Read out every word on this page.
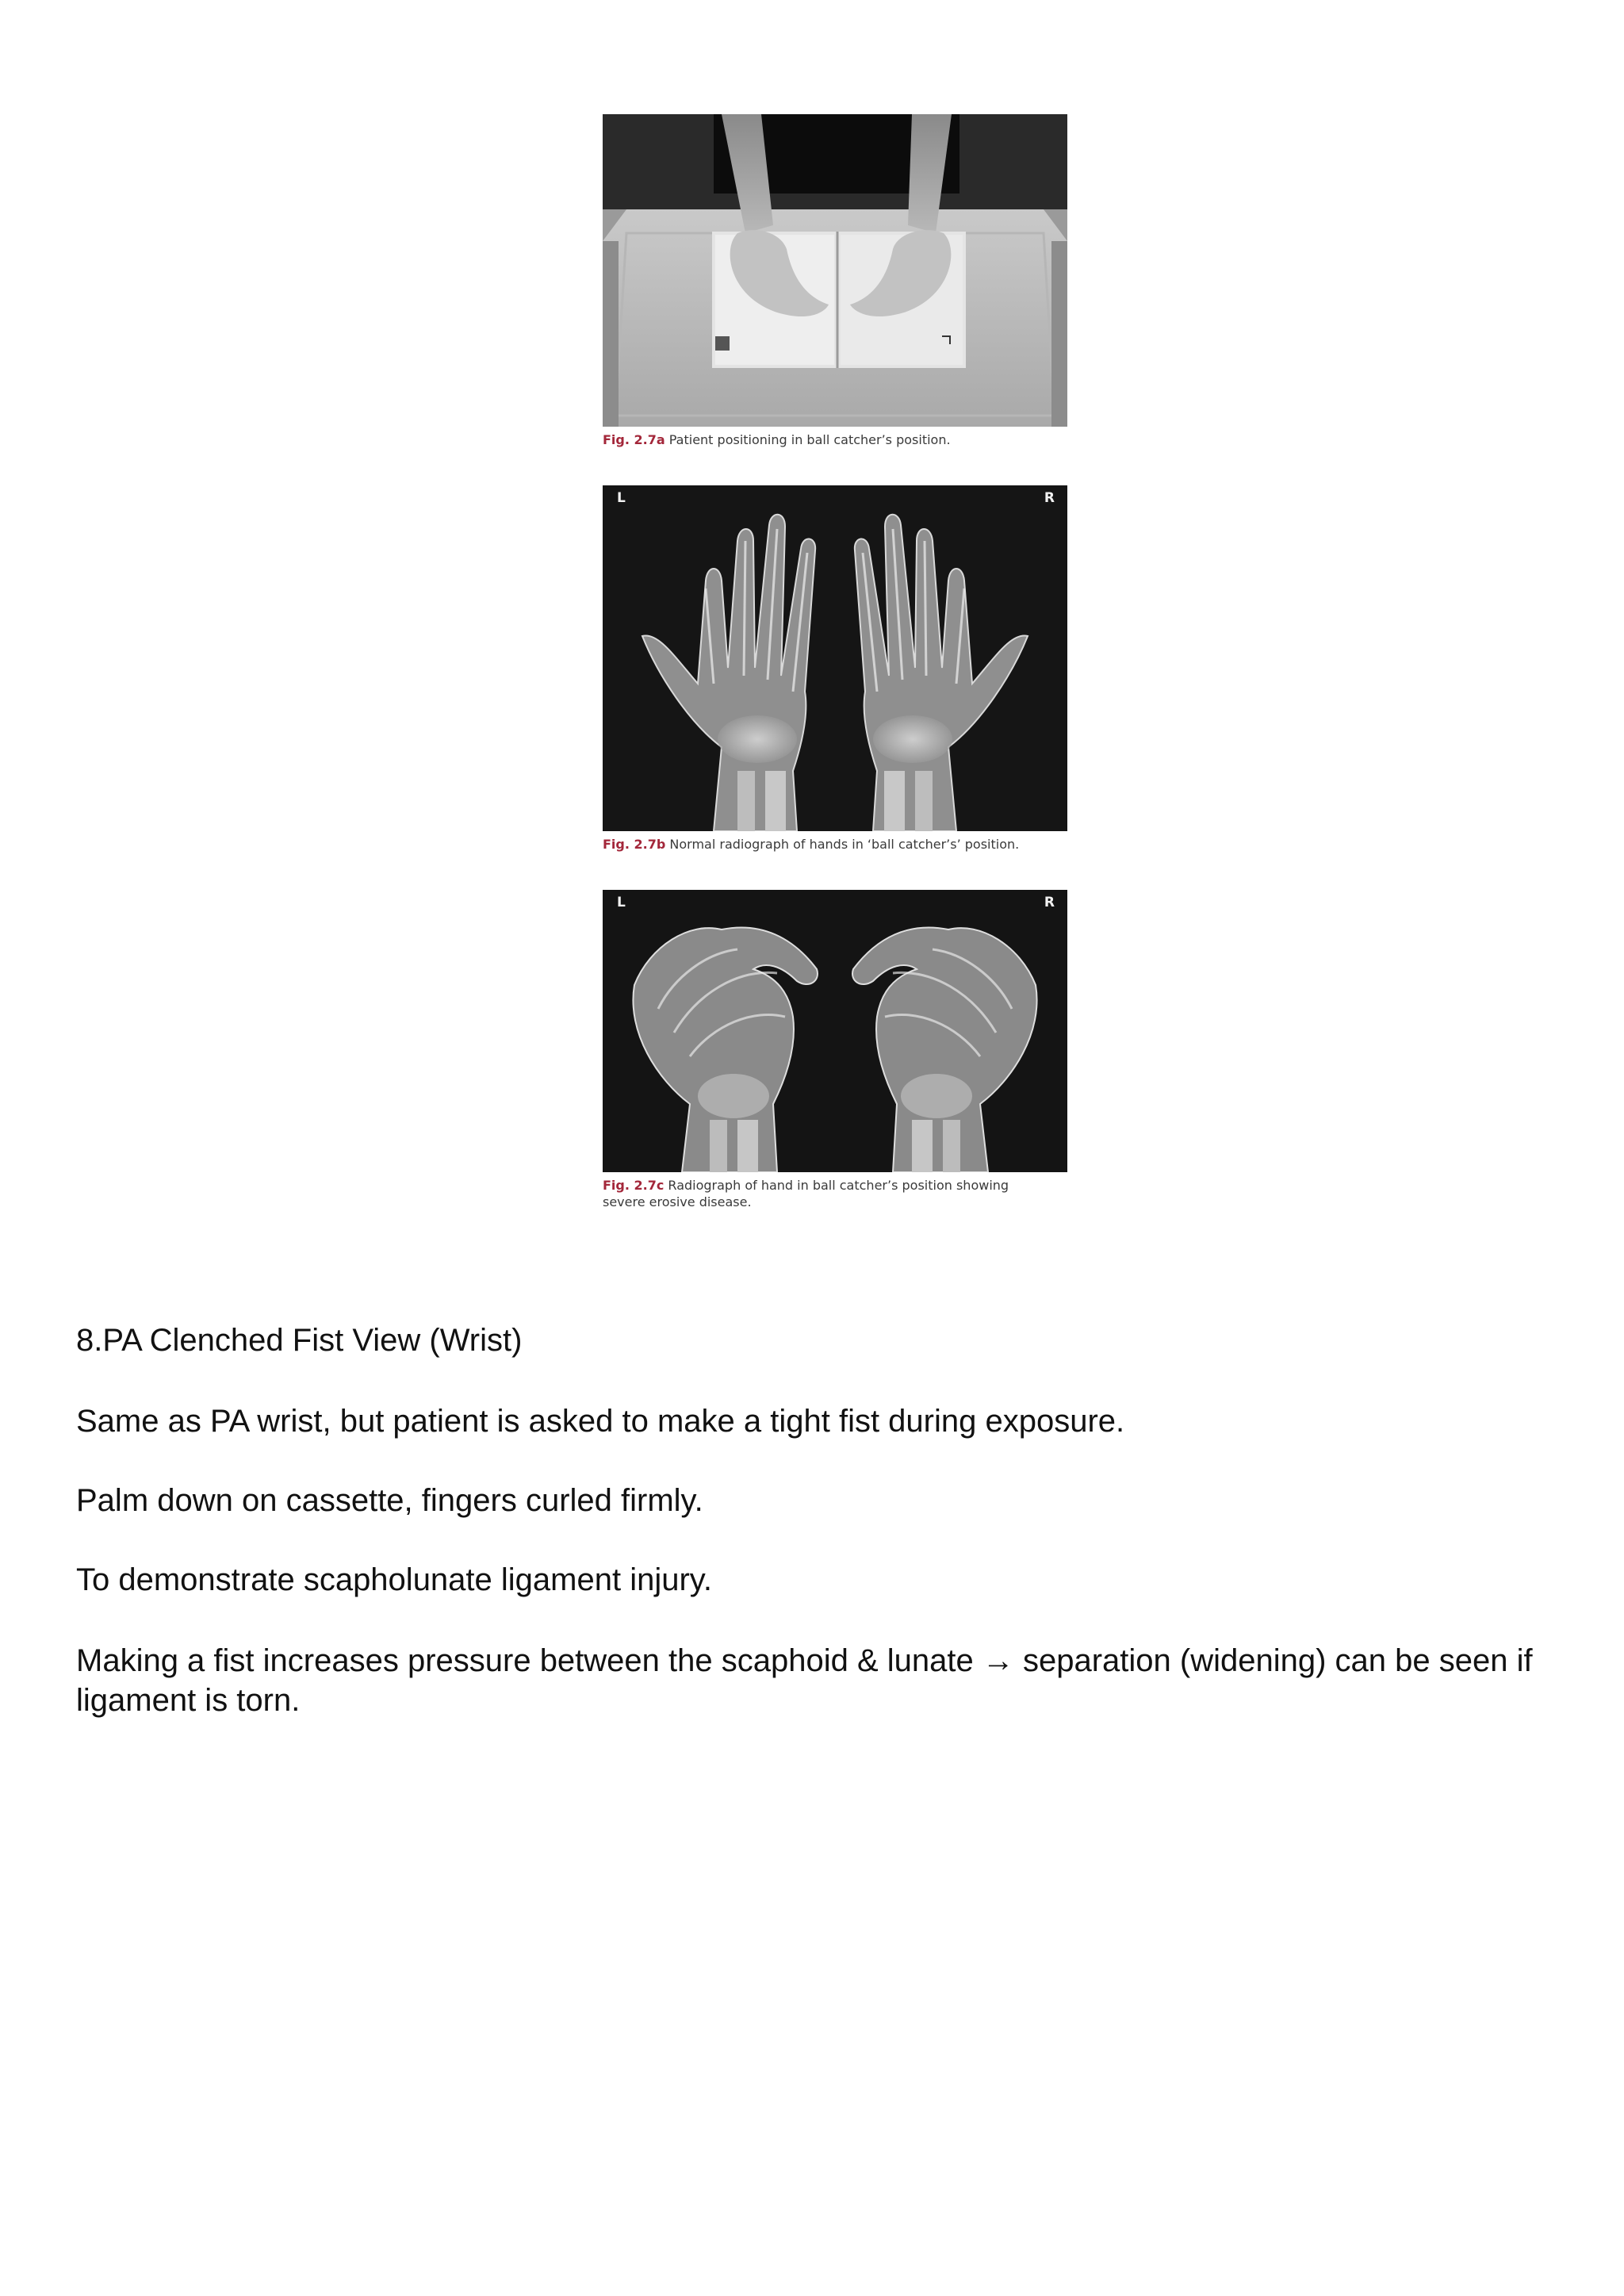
Fig. 2.7a Patient positioning in ball catcher’s position.
L	R
Fig. 2.7b Normal radiograph of hands in ‘ball catcher’s’ position.
L	R
Fig. 2.7c Radiograph of hand in ball catcher’s position showing severe erosive disease.

8.PA Clenched Fist View (Wrist)

Same as PA wrist, but patient is asked to make a tight fist during exposure.

Palm down on cassette, fingers curled firmly.

To demonstrate scapholunate ligament injury.

Making a fist increases pressure between the scaphoid & lunate → separation (widening) can be seen if ligament is torn.
